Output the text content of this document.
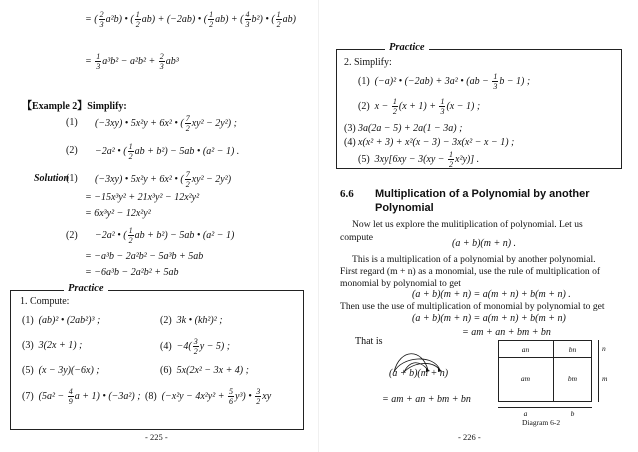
= ( $\frac{2}{3} a^2b$) • ( $\frac{1}{2} ab) + (-2ab)$ • ( $\frac{1}{2} ab$) + ( $\frac{4}{3} b^2$) • ( $\frac{1}{2} ab$)
= $\frac{1}{3} a^3b^2 - a^2b^2 + \frac{2}{3} ab^3$
【Example 2】Simplify:
(1) (−3xy) • 5x²y + 6x² • ( $\frac{7}{2} xy^2 - 2y^2$) ;
(2) −2a² • ( $\frac{1}{2}$ ab + b²) − 5ab • (a² − 1) .
Solution
(1) (−3xy) • 5x²y + 6x² • ( $\frac{7}{2} xy^2 - 2y^2$)
= −15x³y² + 21x³y² − 12x²y²
= 6x³y² − 12x²y²
(2) −2a² • ( $\frac{1}{2}$ ab + b²) − 5ab • (a² − 1)
= −a³b − 2a²b² − 5a³b + 5ab
= −6a³b − 2a²b² + 5ab
Practice
1. Compute:
(1)  (ab)² • (2ab²)³ ;	(2)  3k • (kh²)² ;
(3)  3(2x + 1) ;	$(4) -4( \frac{3}{2}$ y − 5) ;
(5)  (x − 3y)(−6x) ;	(6)  5x(2x² − 3x + 4) ;
(7)  ($5a^2 - \frac{4}{9}$ a + 1) • (−3a²) ; (8)  $(-x^2y - 4x^2y^2 + \frac{5}{6} y^3)$ • $\frac{3}{2}$ xy
- 225 -
Practice
2. Simplify:
(1)  (−a)² • (−2ab) + 3a² • ($ab - \frac{1}{3}$ b − 1) ;
(2)  $x - \frac{1}{2} (x + 1) + \frac{1}{3} (x - 1)$ ;
3a(2a − 5) + 2a(1 − 3a) ;
(3)
x(x² + 3) + x²(x − 3) − 3x(x² − x − 1) ;
(4)
(5)  $3xy[6xy - 3(xy - \frac{1}{2} x^2y)]$ .
6.6 Multiplication of a Polynomial by another
Polynomial
Now let us explore the mulitiplication of polynomial. Let us
compute
(a + b)(m + n) .
This is a multiplication of a polynomial by another polynomial.
First regard (m + n) as a monomial, use the rule of multiplication of
monomial by polynomial to get
(a + b)(m + n) = a(m + n) + b(m + n) .
Then use the use of multiplication of monomial by polynomial to get
(a + b)(m + n) = a(m + n) + b(m + n)
= am + an + bm + bn
That is
(a + b)(m + n)
= am + an + bm + bn
an	bn
am	bm
n
m
a	b
Diagram 6-2
- 226 -
